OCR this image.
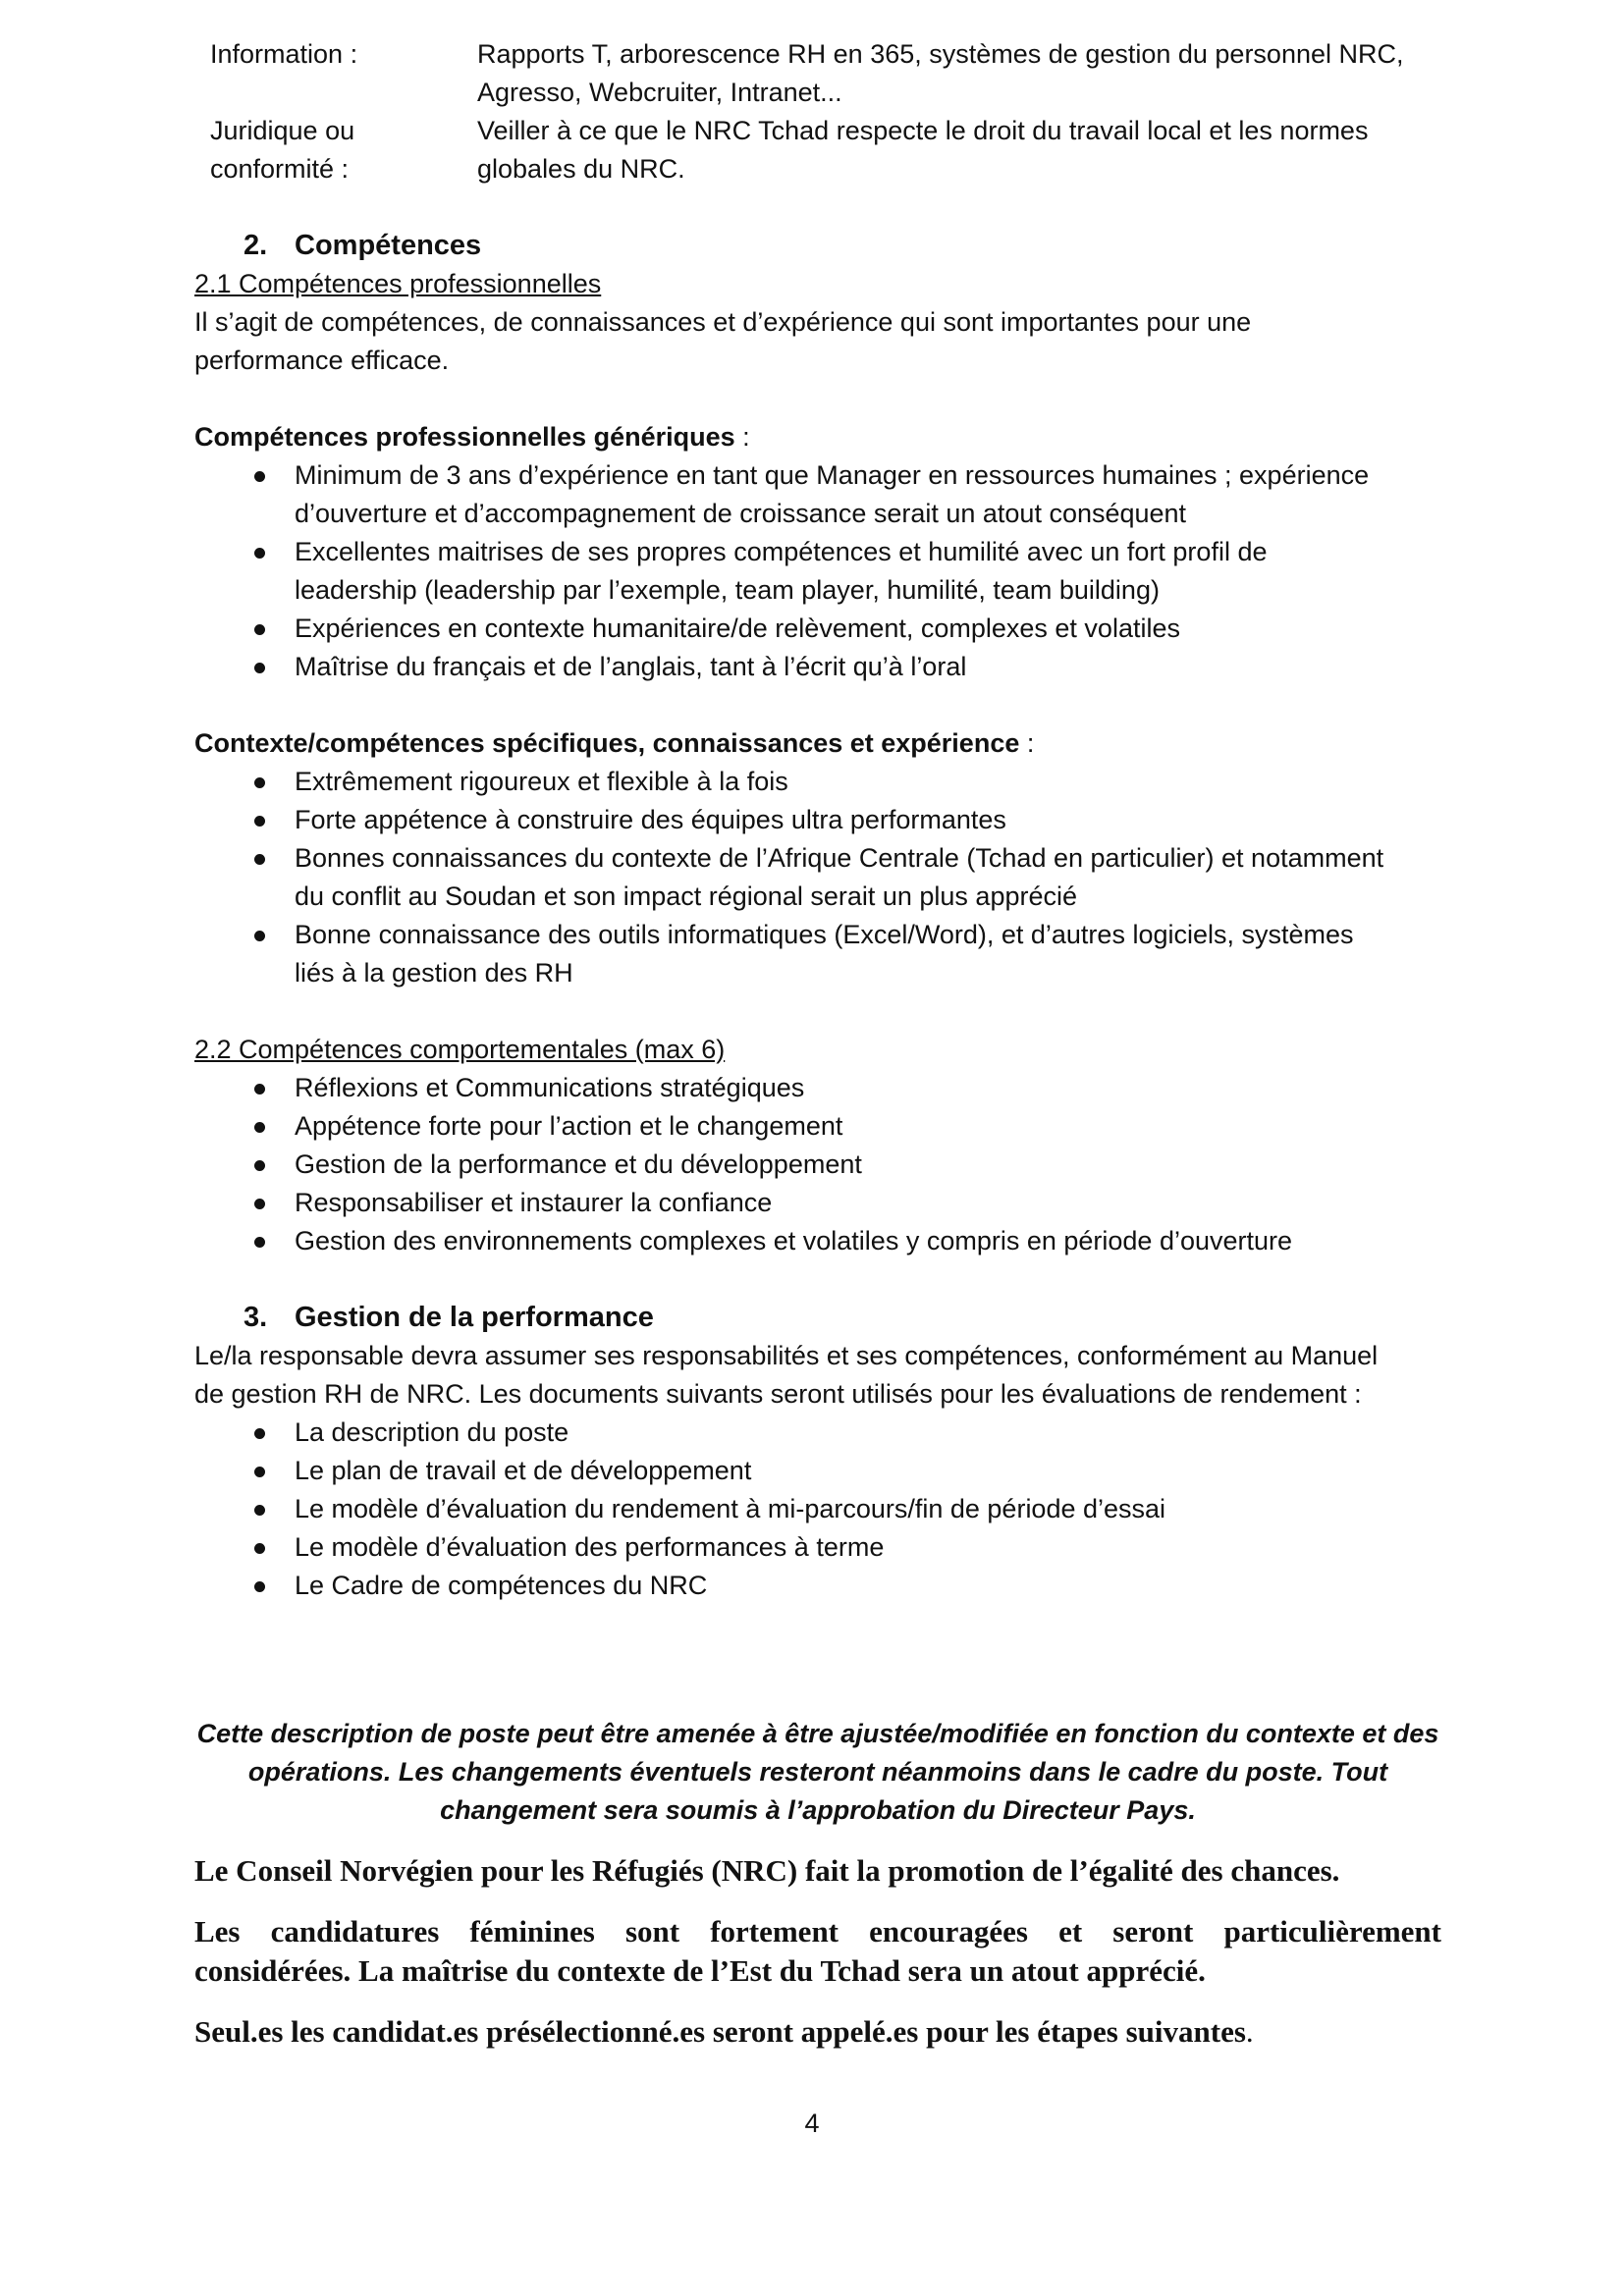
Information :	Rapports T, arborescence RH en 365, systèmes de gestion du personnel NRC,
Agresso, Webcruiter, Intranet...
Juridique ou
conformité :
Veiller à ce que le NRC Tchad respecte le droit du travail local et les normes
globales du NRC.
2. Compétences
2.1 Compétences professionnelles
Il s’agit de compétences, de connaissances et d’expérience qui sont importantes pour une
performance efficace.
Compétences professionnelles génériques :
Minimum de 3 ans d’expérience en tant que Manager en ressources humaines ; expérience
d’ouverture et d’accompagnement de croissance serait un atout conséquent
Excellentes maitrises de ses propres compétences et humilité avec un fort profil de
leadership (leadership par l’exemple, team player, humilité, team building)
Expériences en contexte humanitaire/de relèvement, complexes et volatiles
Maîtrise du français et de l’anglais, tant à l’écrit qu’à l’oral
Contexte/compétences spécifiques, connaissances et expérience :
Extrêmement rigoureux et flexible à la fois
Forte appétence à construire des équipes ultra performantes
Bonnes connaissances du contexte de l’Afrique Centrale (Tchad en particulier) et notamment
du conflit au Soudan et son impact régional serait un plus apprécié
Bonne connaissance des outils informatiques (Excel/Word), et d’autres logiciels, systèmes
liés à la gestion des RH
2.2 Compétences comportementales (max 6)
Réflexions et Communications stratégiques
Appétence forte pour l’action et le changement
Gestion de la performance et du développement
Responsabiliser et instaurer la confiance
Gestion des environnements complexes et volatiles y compris en période d’ouverture
3. Gestion de la performance
Le/la responsable devra assumer ses responsabilités et ses compétences, conformément au Manuel
de gestion RH de NRC. Les documents suivants seront utilisés pour les évaluations de rendement :
La description du poste
Le plan de travail et de développement
Le modèle d’évaluation du rendement à mi-parcours/fin de période d’essai
Le modèle d’évaluation des performances à terme
Le Cadre de compétences du NRC
Cette description de poste peut être amenée à être ajustée/modifiée en fonction du contexte et des
opérations. Les changements éventuels resteront néanmoins dans le cadre du poste. Tout
changement sera soumis à l’approbation du Directeur Pays.
Le Conseil Norvégien pour les Réfugiés (NRC) fait la promotion de l’égalité des chances.
Les candidatures féminines sont fortement encouragées et seront particulièrement
considérées. La maîtrise du contexte de l’Est du Tchad sera un atout apprécié.
Seul.es les candidat.es présélectionné.es seront appelé.es pour les étapes suivantes.
4
